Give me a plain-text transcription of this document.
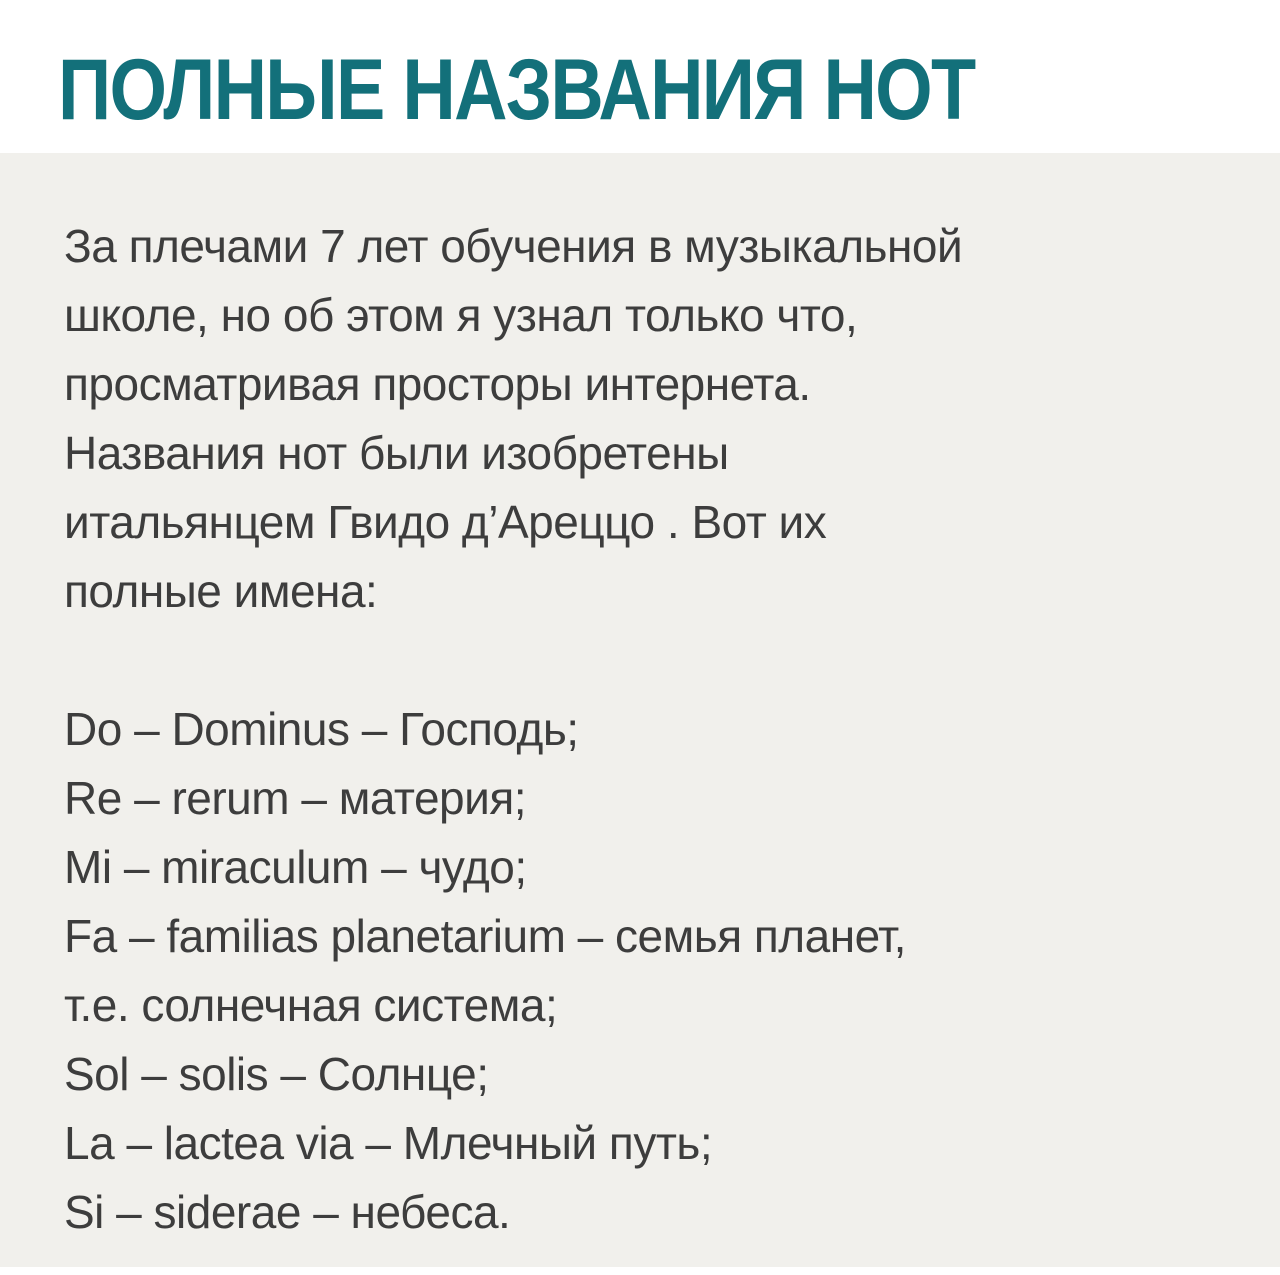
ПОЛНЫЕ НАЗВАНИЯ НОТ
За плечами 7 лет обучения в музыкальной
школе, но об этом я узнал только что,
просматривая просторы интернета.
Названия нот были изобретены
итальянцем Гвидо д’Ареццо . Вот их
полные имена:
Do – Dominus – Господь;
Re – rerum – материя;
Mi – miraculum – чудо;
Fa – familias planetarium – семья планет,
т.е. солнечная система;
Sol – solis – Солнце;
La – lactea via – Млечный путь;
Si – siderae – небеса.
